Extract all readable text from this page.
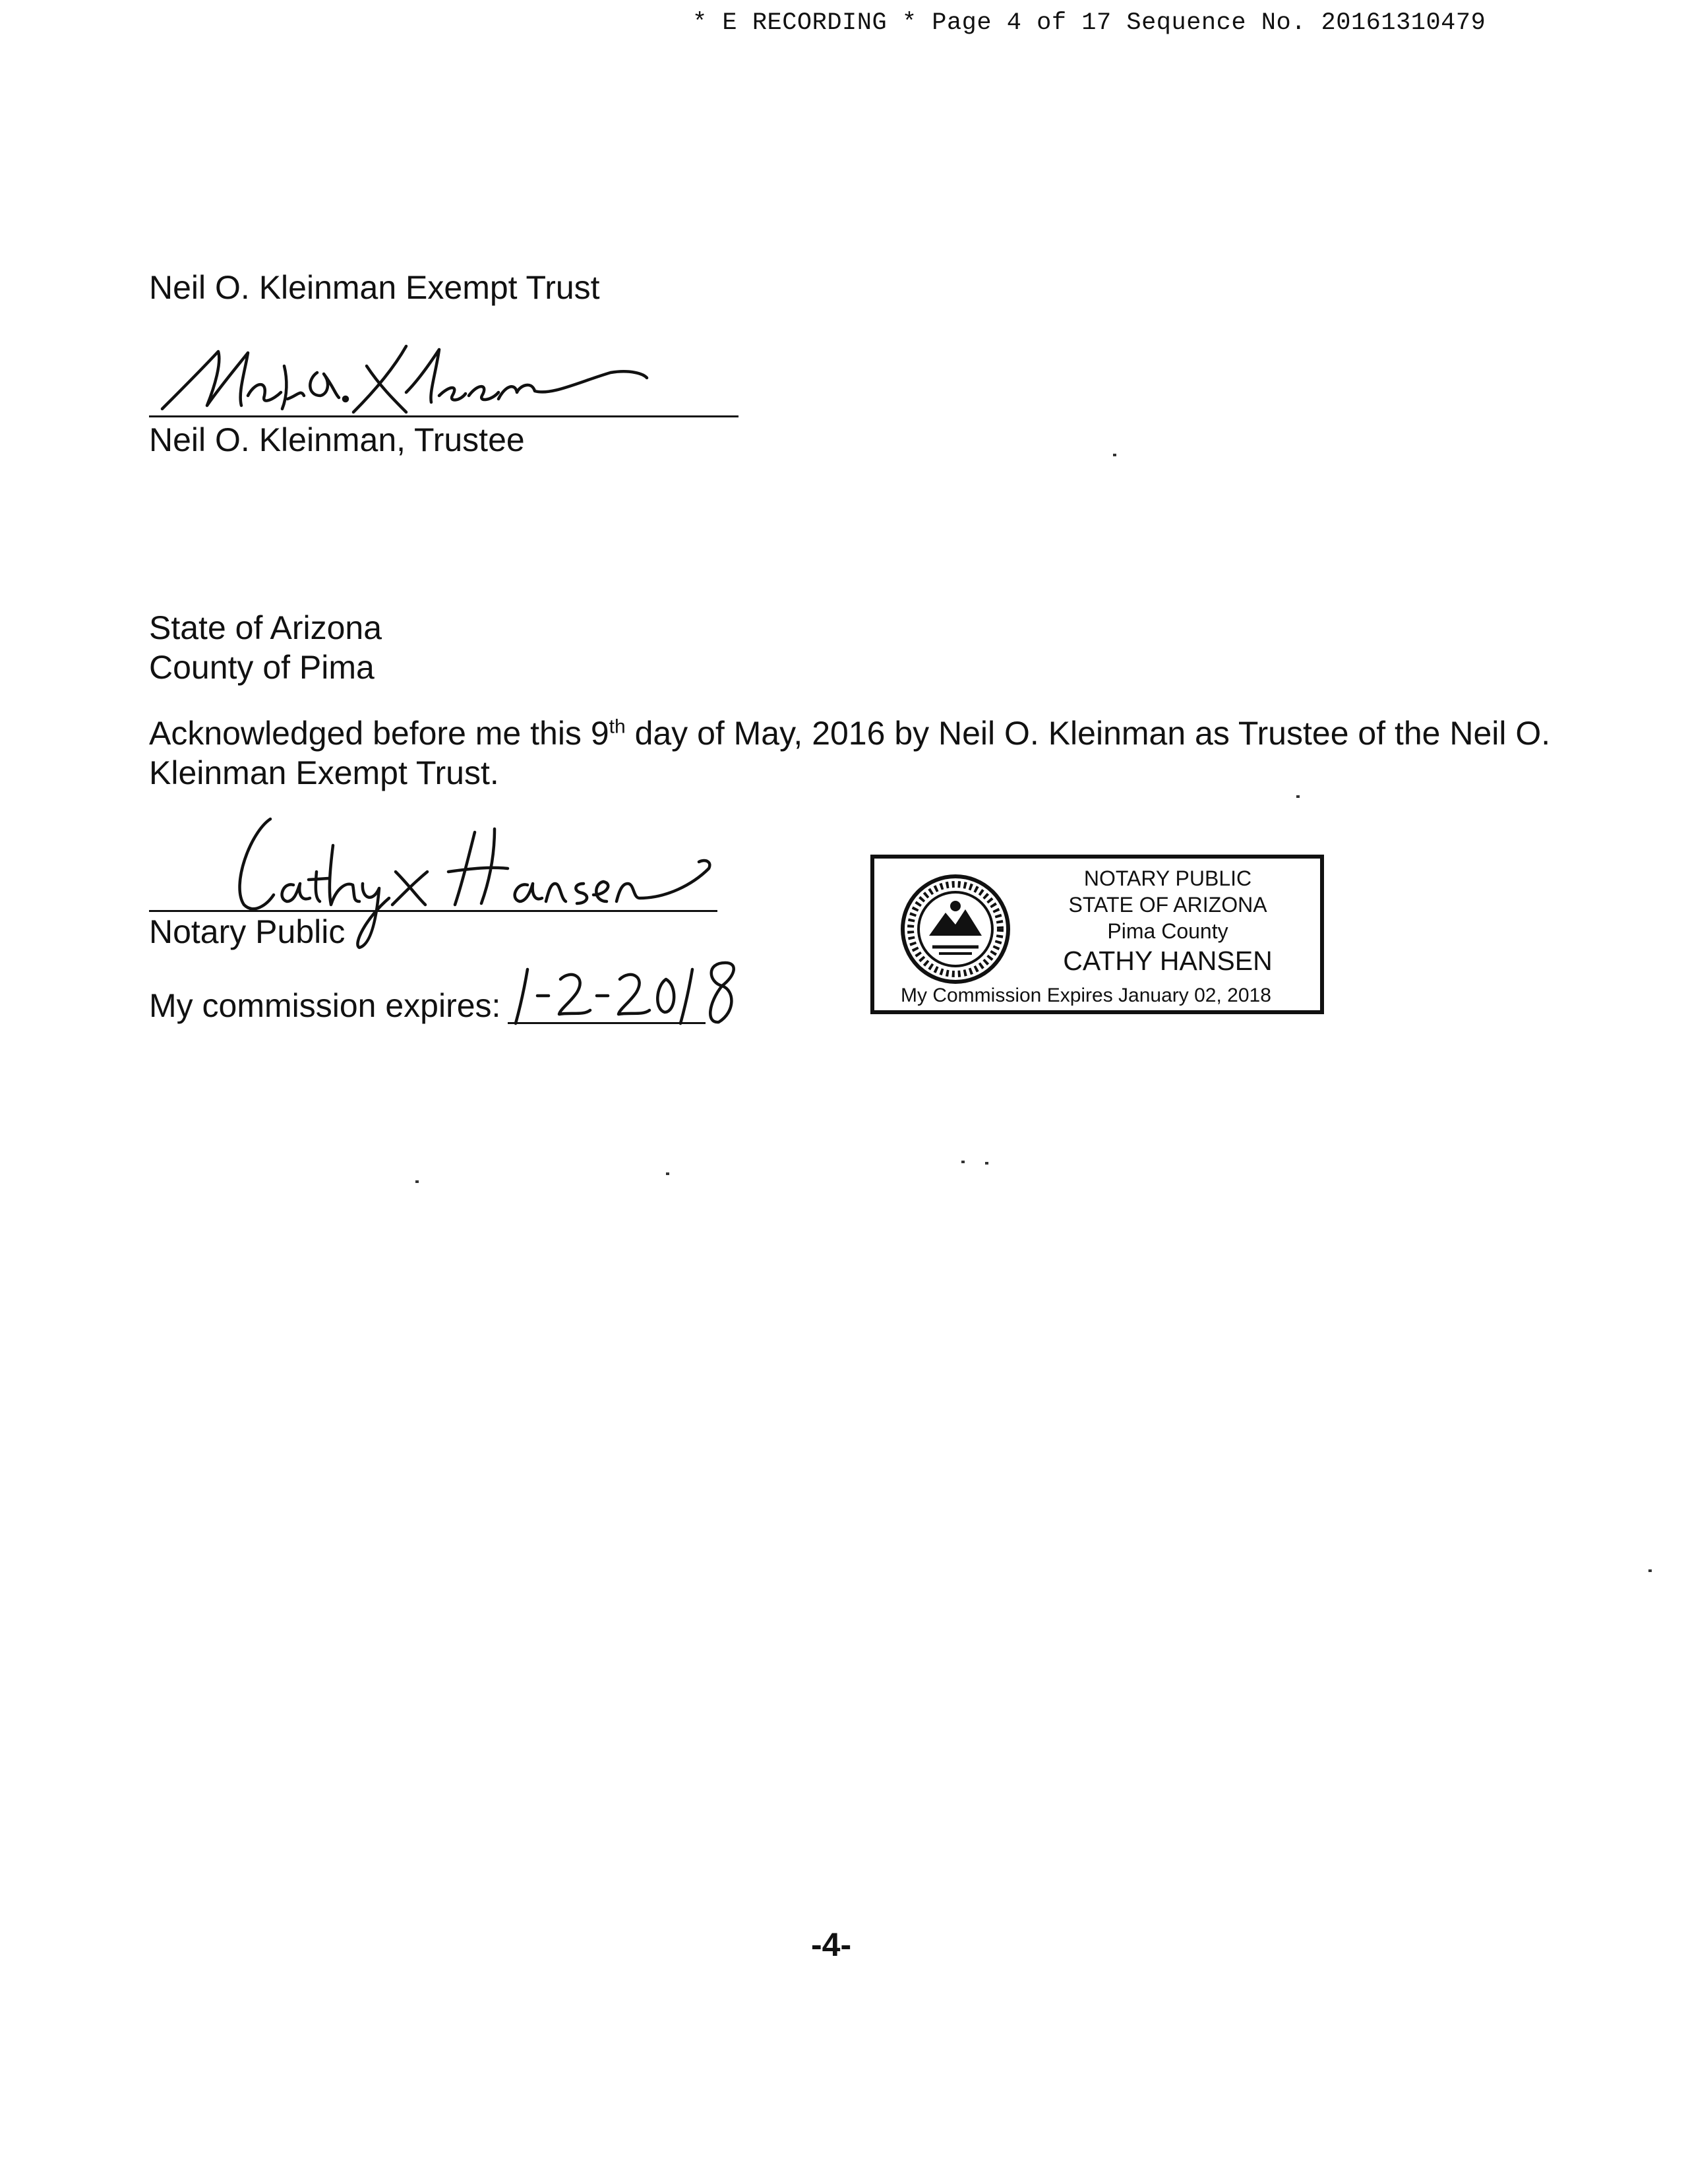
* E RECORDING * Page 4 of 17 Sequence No. 20161310479
Neil O. Kleinman Exempt Trust
Neil O. Kleinman, Trustee
State of Arizona
County of Pima
Acknowledged before me this 9th day of May, 2016 by Neil O. Kleinman as Trustee of the Neil O. Kleinman Exempt Trust.
Notary Public
My commission expires:
NOTARY PUBLIC
STATE OF ARIZONA
Pima County
CATHY HANSEN
My Commission Expires January 02, 2018
-4-
